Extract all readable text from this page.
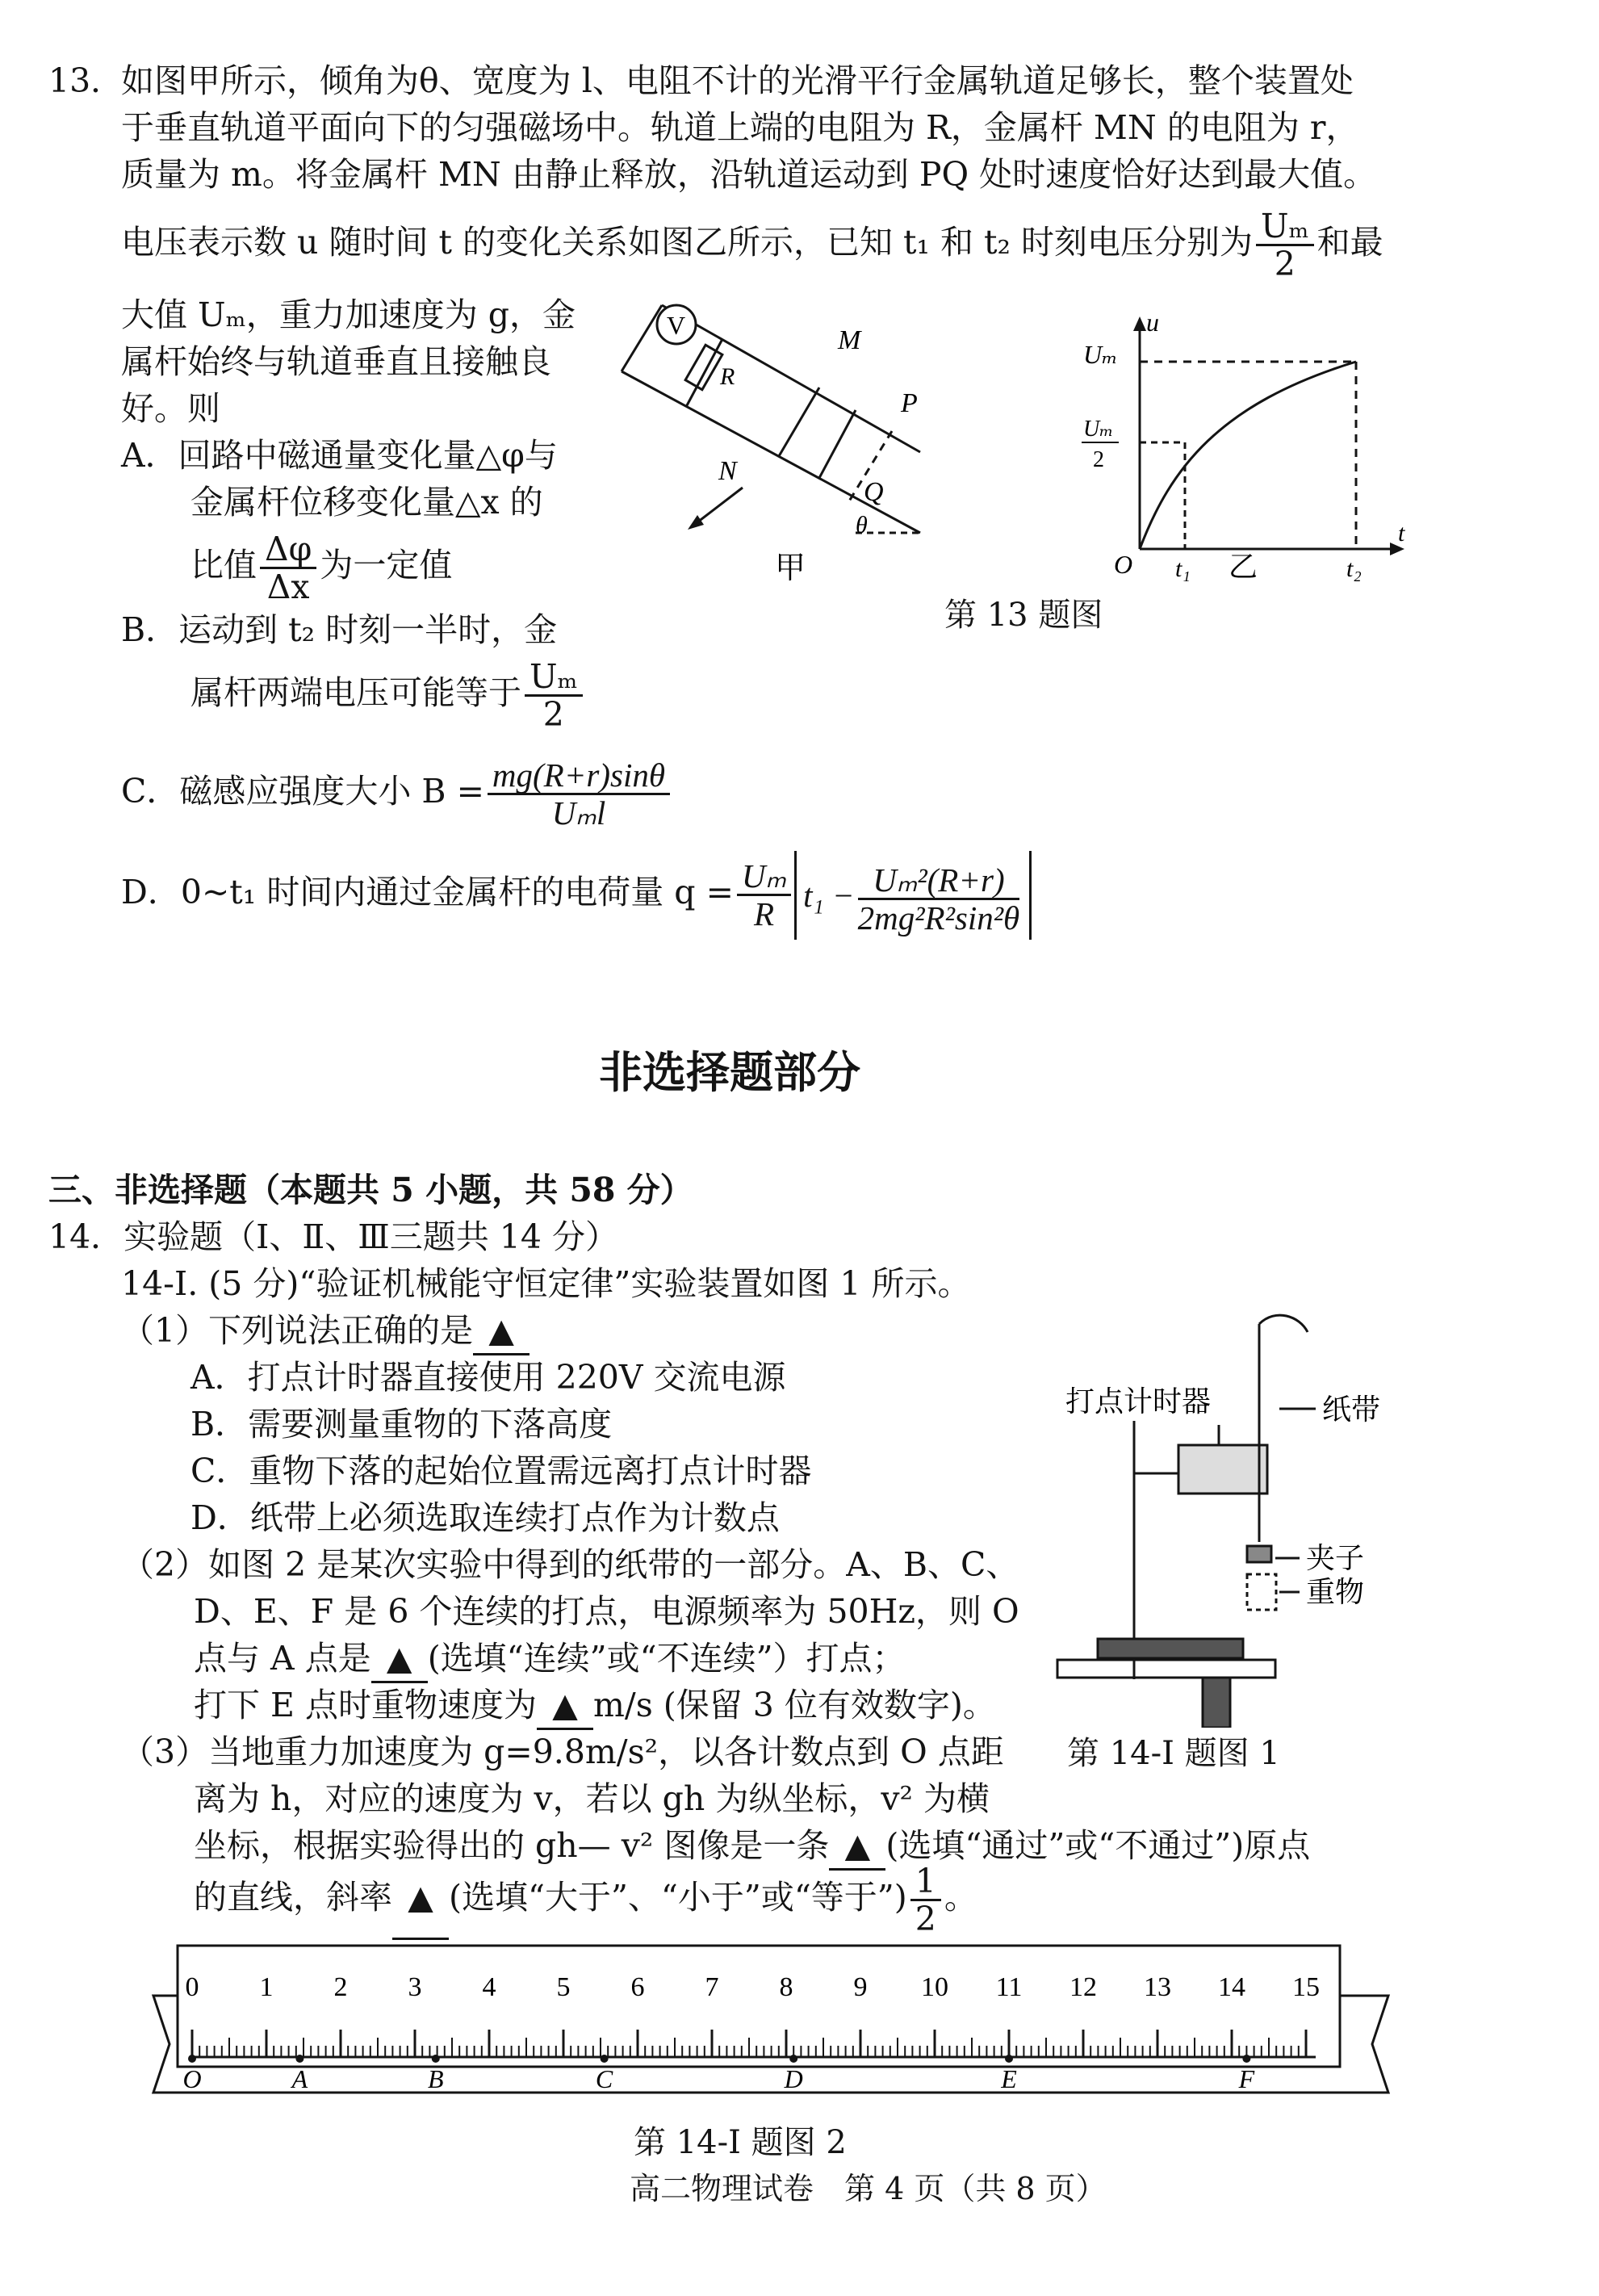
13．
如图甲所示，倾角为θ、宽度为 l、电阻不计的光滑平行金属轨道足够长，整个装置处
于垂直轨道平面向下的匀强磁场中。轨道上端的电阻为 R，金属杆 MN 的电阻为 r，
质量为 m。将金属杆 MN 由静止释放，沿轨道运动到 PQ 处时速度恰好达到最大值。
电压表示数 u 随时间 t 的变化关系如图乙所示，已知 t₁ 和 t₂ 时刻电压分别为 $\frac{\text{Uₘ}}{2}$ 和最
大值 Uₘ，重力加速度为 g，金
属杆始终与轨道垂直且接触良
好。则
A．回路中磁通量变化量△φ与
金属杆位移变化量△x 的
比值 $\frac{\Delta\varphi}{\Delta x}$ 为一定值
B．运动到 t₂ 时刻一半时，金
属杆两端电压可能等于 $\frac{\text{Uₘ}}{2}$
C．磁感应强度大小 $B = \frac{mg(R+r)\sin\theta}{\text{Uₘl}}$
D．0~t₁ 时间内通过金属杆的电荷量 $q = \frac{\text{Uₘ}}{R} t_1 - \frac{\text{Uₘ²(R+r)}}{\text{2mg²R²sin²θ}}$
V
R
M
N
P
Q
θ
甲
u
Uₘ
Uₘ
2
O t₁ 乙	t₂
t
第 13 题图
非选择题部分
三、非选择题（本题共 5 小题，共 58 分）
14．实验题（Ⅰ、Ⅱ、Ⅲ三题共 14 分）
14-I. (5 分)“验证机械能守恒定律”实验装置如图 1 所示。
（1）下列说法正确的是 ▲
A．打点计时器直接使用 220V 交流电源
B．需要测量重物的下落高度
C．重物下落的起始位置需远离打点计时器
D．纸带上必须选取连续打点作为计数点
（2）如图 2 是某次实验中得到的纸带的一部分。A、B、C、
D、E、F 是 6 个连续的打点，电源频率为 50Hz，则 O
点与 A 点是 ▲ (选填“连续”或“不连续”）打点；
打下 E 点时重物速度为 ▲ m/s (保留 3 位有效数字)。
（3）当地重力加速度为 g=9.8m/s²，以各计数点到 O 点距
离为 h，对应的速度为 v，若以 gh 为纵坐标，v² 为横
坐标，根据实验得出的 gh— v² 图像是一条 ▲ (选填“通过”或“不通过”)原点
的直线，斜率 ▲ (选填“大于”、“小于”或“等于”) $\frac{1}{2}$ 。
打点计时器	纸带
夹子
重物
第 14-I 题图 1
0 1 2 3 4 5 6 7 8 9 10 11 12 13 14 15
O	A	B	C	D	E	F
第 14-I 题图 2
高二物理试卷　第 4 页（共 8 页）
